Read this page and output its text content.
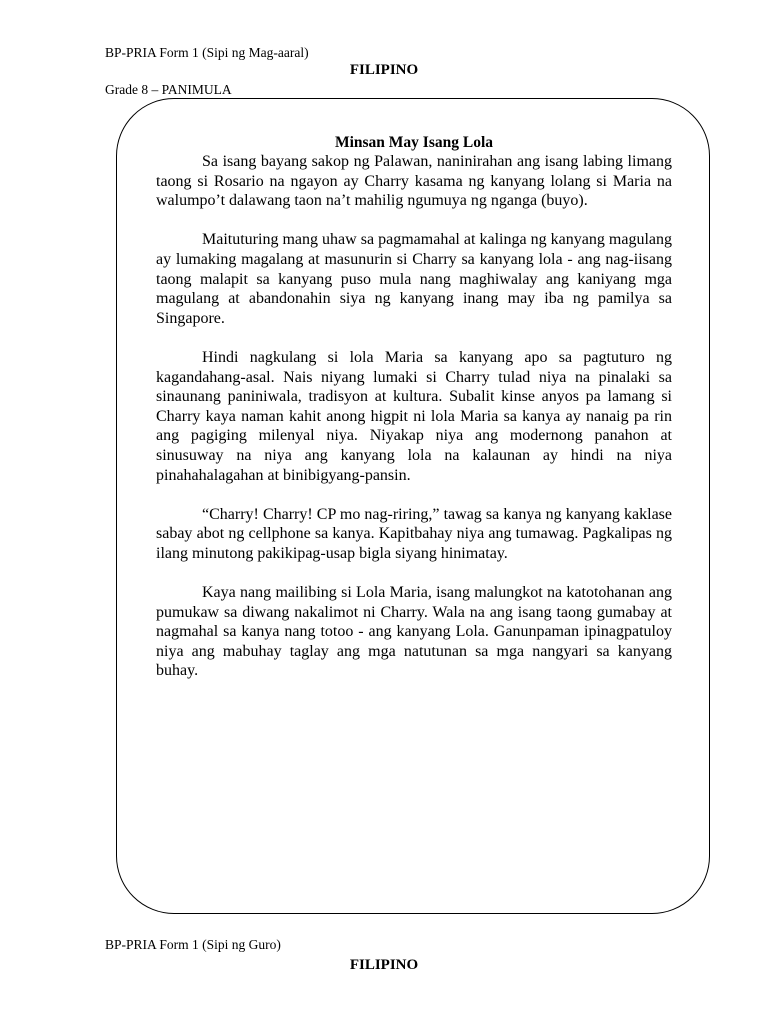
BP-PRIA Form 1 (Sipi ng Mag-aaral)
FILIPINO
Grade 8 – PANIMULA
Minsan May Isang Lola

Sa isang bayang sakop ng Palawan, naninirahan ang isang labing limang taong si Rosario na ngayon ay Charry kasama ng kanyang lolang si Maria na walumpo’t dalawang taon na’t mahilig ngumuya ng nganga (buyo).

Maituturing mang uhaw sa pagmamahal at kalinga ng kanyang magulang ay lumaking magalang at masunurin si Charry sa kanyang lola - ang nag-iisang taong malapit sa kanyang puso mula nang maghiwalay ang kaniyang mga magulang at abandonahin siya ng kanyang inang may iba ng pamilya sa Singapore.

Hindi nagkulang si lola Maria sa kanyang apo sa pagtuturo ng kagandahang-asal. Nais niyang lumaki si Charry tulad niya na pinalaki sa sinaunang paniniwala, tradisyon at kultura. Subalit kinse anyos pa lamang si Charry kaya naman kahit anong higpit ni lola Maria sa kanya ay nanaig pa rin ang pagiging milenyal niya. Niyakap niya ang modernong panahon at sinusuway na niya ang kanyang lola na kalaunan ay hindi na niya pinahahalagahan at binibigyang-pansin.

“Charry! Charry! CP mo nag-riring,” tawag sa kanya ng kanyang kaklase sabay abot ng cellphone sa kanya. Kapitbahay niya ang tumawag. Pagkalipas ng ilang minutong pakikipag-usap bigla siyang hinimatay.

Kaya nang mailibing si Lola Maria, isang malungkot na katotohanan ang pumukaw sa diwang nakalimot ni Charry. Wala na ang isang taong gumabay at nagmahal sa kanya nang totoo - ang kanyang Lola. Ganunpaman ipinagpatuloy niya ang mabuhay taglay ang mga natutunan sa mga nangyari sa kanyang buhay.

BP-PRIA Form 1 (Sipi ng Guro)
FILIPINO
